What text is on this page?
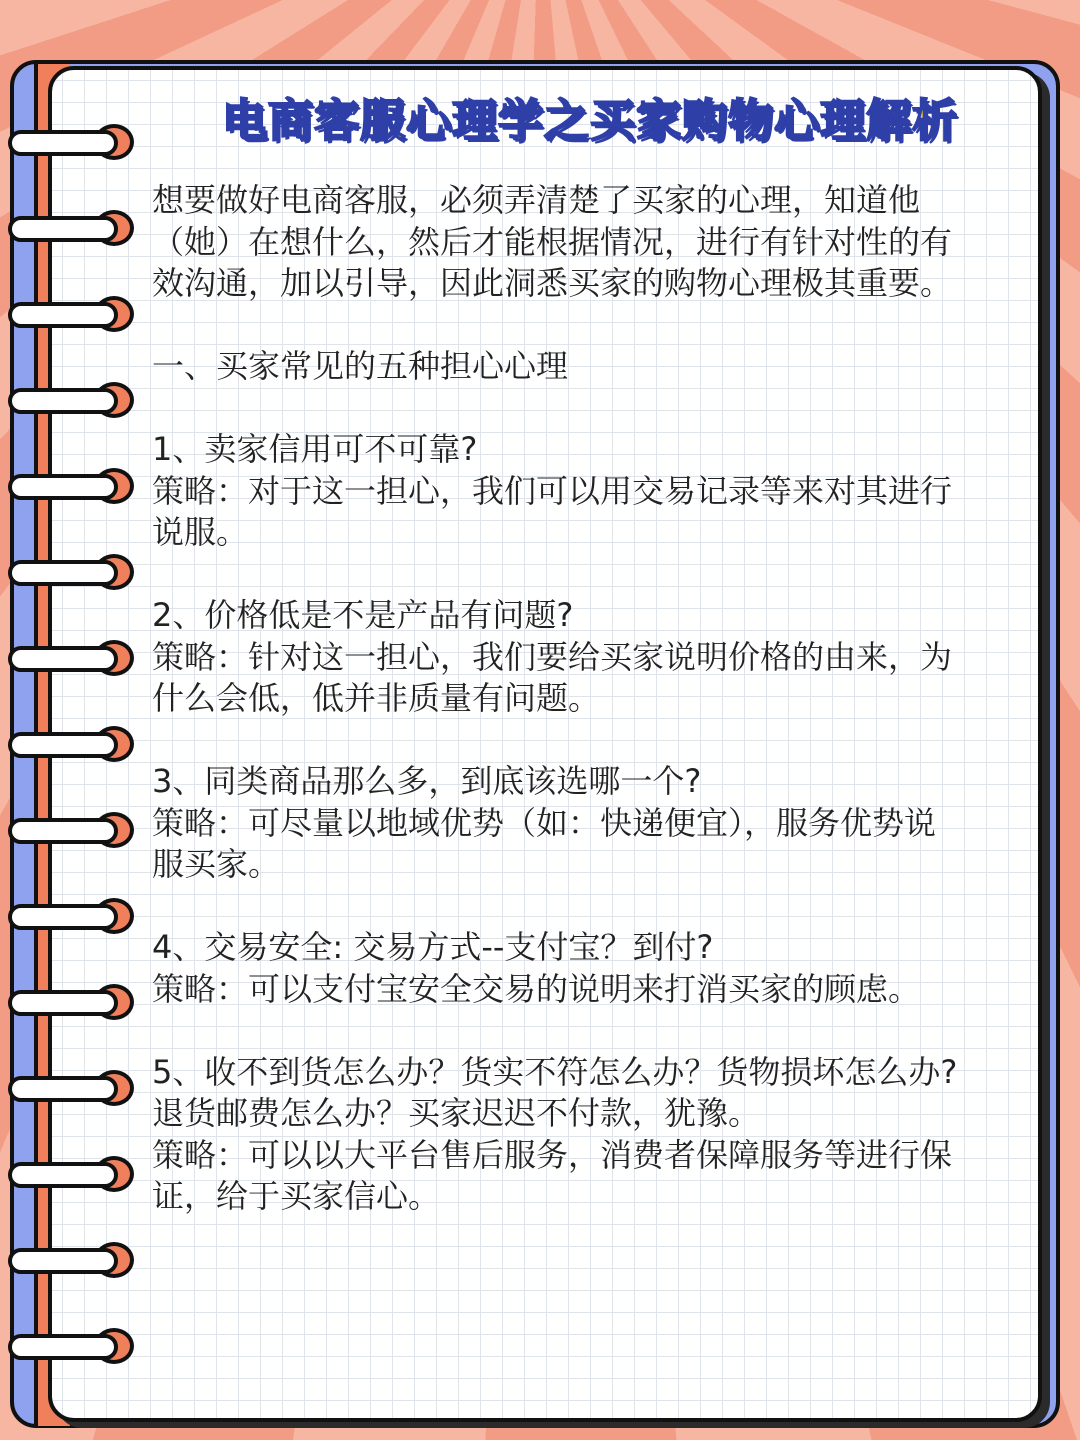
电商客服心理学之买家购物心理解析

想要做好电商客服，必须弄清楚了买家的心理，知道他

（她）在想什么，然后才能根据情况，进行有针对性的有

效沟通，加以引导，因此洞悉买家的购物心理极其重要。

一、买家常见的五种担心心理

1、卖家信用可不可靠?

策略：对于这一担心，我们可以用交易记录等来对其进行

说服。

2、价格低是不是产品有问题?

策略：针对这一担心，我们要给买家说明价格的由来，为

什么会低，低并非质量有问题。

3、同类商品那么多，到底该选哪一个?

策略：可尽量以地域优势（如：快递便宜），服务优势说

服买家。

4、交易安全: 交易方式--支付宝？到付?

策略：可以支付宝安全交易的说明来打消买家的顾虑。

5、收不到货怎么办？货实不符怎么办？货物损坏怎么办?

退货邮费怎么办？买家迟迟不付款，犹豫。

策略：可以以大平台售后服务，消费者保障服务等进行保

证，给于买家信心。
